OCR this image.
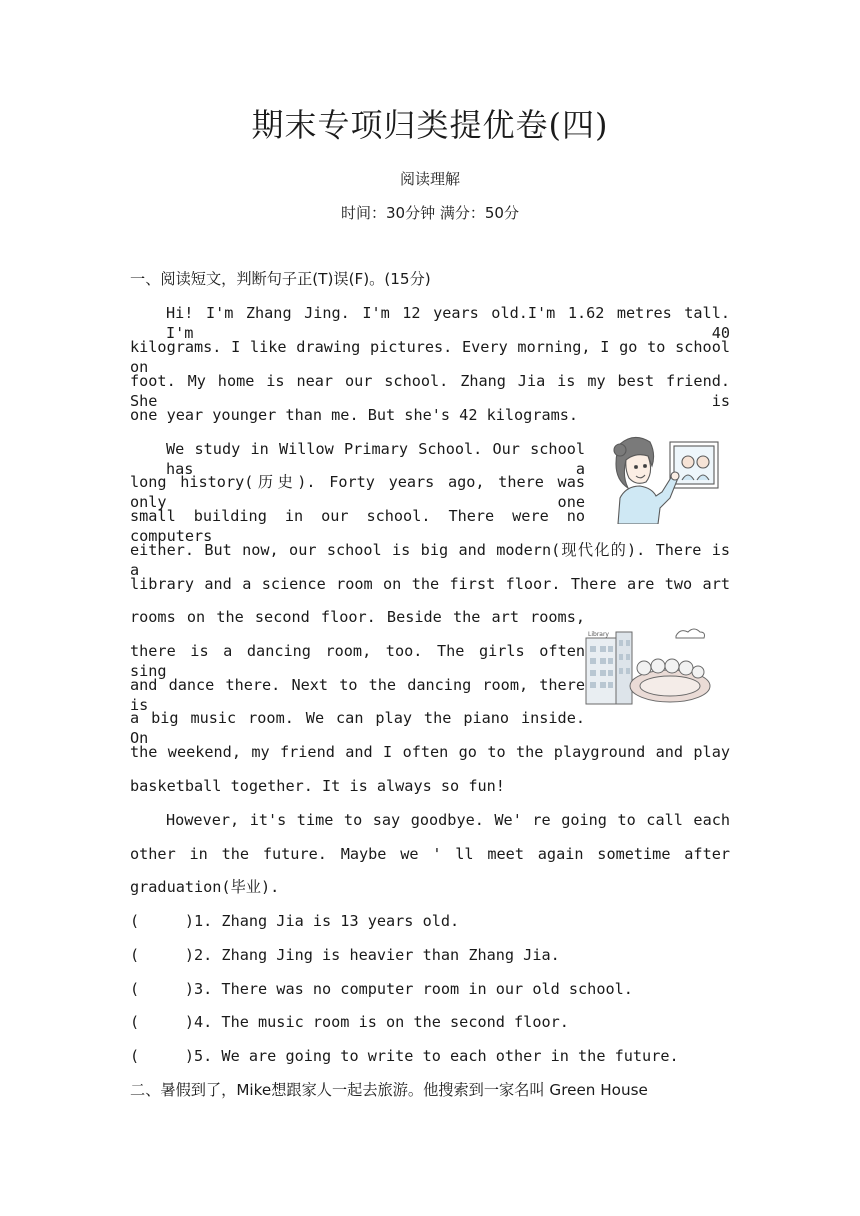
期末专项归类提优卷(四)
阅读理解
时间：30分钟 满分：50分
一、阅读短文，判断句子正(T)误(F)。(15分)
Hi! I'm Zhang Jing. I'm 12 years old.I'm 1.62 metres tall. I'm 40
kilograms. I like drawing pictures. Every morning, I go to school on
foot. My home is near our school. Zhang Jia is my best friend. She is
one year younger than me. But she's 42 kilograms.
We study in Willow Primary School. Our school has a
long history(历史). Forty years ago, there was only one
small building in our school. There were no computers
either. But now, our school is big and modern(现代化的). There is a
library and a science room on the first floor. There are two art
rooms on the second floor. Beside the art rooms,
there is a dancing room, too. The girls often sing
and dance there. Next to the dancing room, there is
a big music room. We can play the piano inside. On
the weekend, my friend and I often go to the playground and play
basketball together. It is always so fun!
However, it's time to say goodbye. We' re going to call each
other in the future. Maybe we ' ll meet again sometime after
graduation(毕业).
(     )1. Zhang Jia is 13 years old.
(     )2. Zhang Jing is heavier than Zhang Jia.
(     )3. There was no computer room in our old school.
(     )4. The music room is on the second floor.
(     )5. We are going to write to each other in the future.
二、暑假到了，Mike想跟家人一起去旅游。他搜索到一家名叫 Green House
Library
